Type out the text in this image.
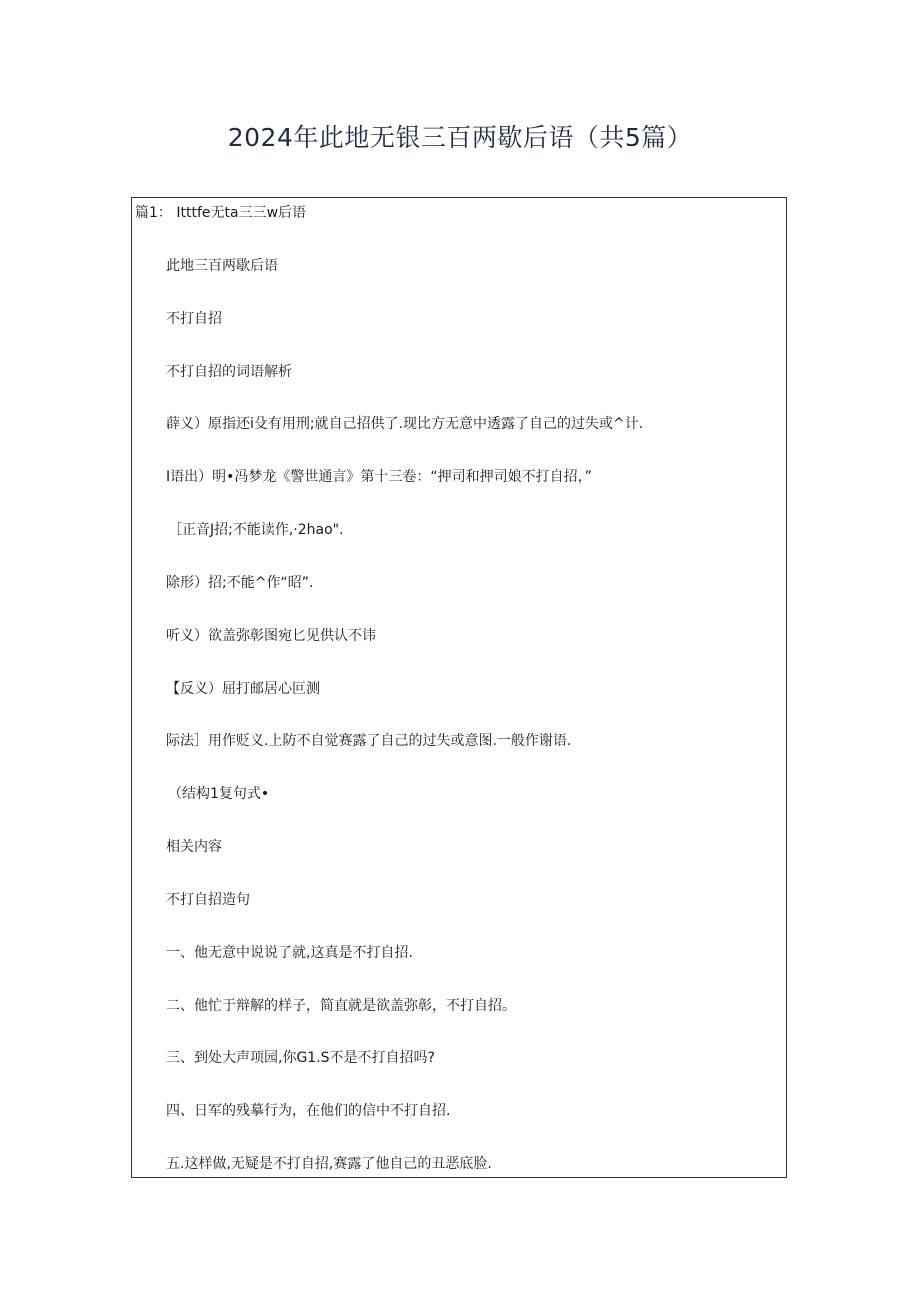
2024年此地无银三百两歇后语（共5篇）
篇1： Itttfe无ta三三w后语
此地三百两歇后语
不打自招
不打自招的词语解析
薜义）原指还i殳有用刑;就自己招供了.现比方无意中透露了自己的过失或^计.
I语出）明•冯梦龙《警世通言》第十三卷：“押司和押司娘不打自招，”
［正音J招;不能读作,·2hao".
除形）招;不能^作“昭”.
听义）欲盖弥彰图宛匕见供认不讳
【反义）屈打邮居心叵测
际法］用作贬义.上防不自觉赛露了自己的过失或意图.一般作谢语.
（结构1复句式•
相关内容
不打自招造句
一、他无意中说说了就,这真是不打自招.
二、他忙于辩解的样子，简直就是欲盖弥彰，不打自招。
三、到处大声项园,你G1.S不是不打自招吗?
四、日军的残摹行为，在他们的信中不打自招.
五.这样做,无疑是不打自招,赛露了他自己的丑恶底脸.
